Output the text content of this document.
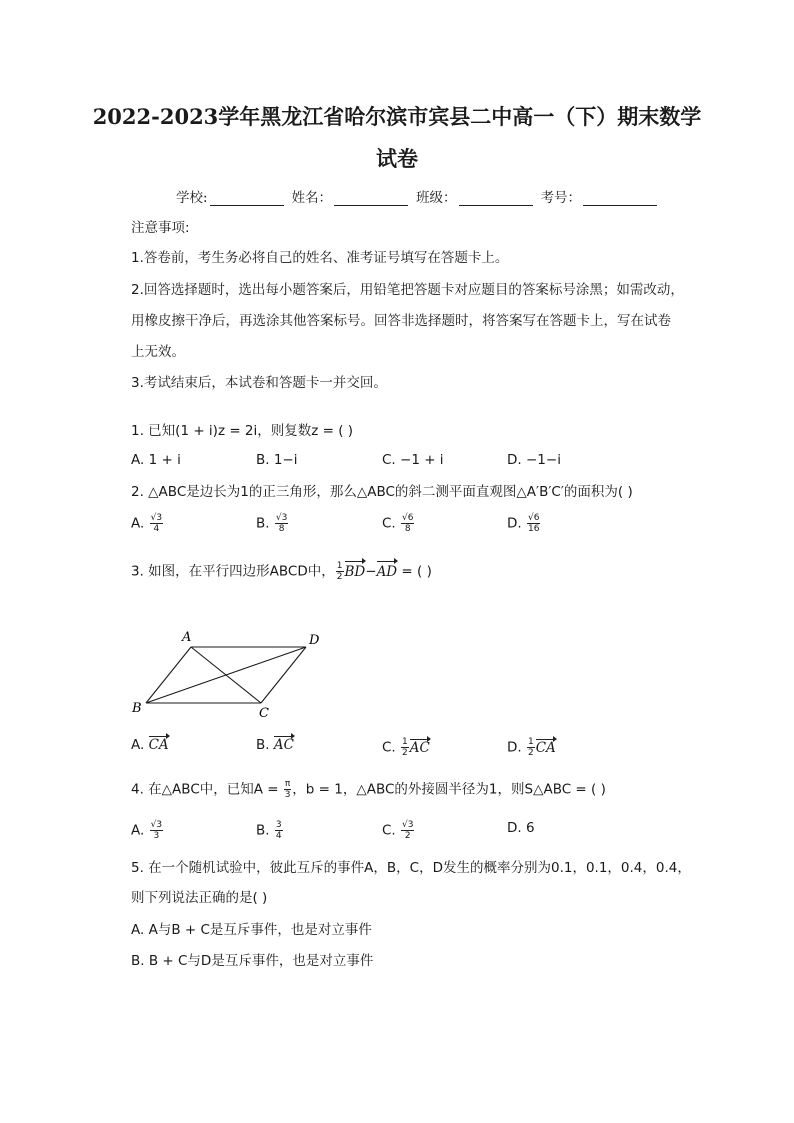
2022-2023学年黑龙江省哈尔滨市宾县二中高一（下）期末数学
试卷
学校:	姓名：	班级：	考号：
注意事项:
1.答卷前，考生务必将自己的姓名、准考证号填写在答题卡上。
2.回答选择题时，选出每小题答案后，用铅笔把答题卡对应题目的答案标号涂黑；如需改动，
用橡皮擦干净后，再选涂其他答案标号。回答非选择题时，将答案写在答题卡上，写在试卷
上无效。
3.考试结束后，本试卷和答题卡一并交回。
1. 已知(1 + i)z = 2i，则复数z = ( )
A. 1 + i	B. 1−i	C. −1 + i	D. −1−i
2. △ABC是边长为1的正三角形，那么△ABC的斜二测平面直观图△A′B′C′的面积为( )
A. $\frac{√3}{4}$	B. $\frac{√3}{8}$	C. $\frac{√6}{8}$	D. $\frac{√6}{16}$
3. 如图，在平行四边形ABCD中， $\frac{1}{2} BD-AD$ = ( )
A	D
B	C
A. CA	B. AC	C. $\frac{1}{2}$ AC	D. $\frac{1}{2}$ CA
4. 在△ABC中，已知$A = \frac{\pi}{3}$ ，b = 1，△ABC的外接圆半径为1，则S△ABC = ( )
A. $\frac{√3}{3}$	B. $\frac{3}{4}$	C. $\frac{√3}{2}$	D. 6
5. 在一个随机试验中，彼此互斥的事件A，B，C，D发生的概率分别为0.1，0.1，0.4，0.4，
则下列说法正确的是( )
A. A与B + C是互斥事件，也是对立事件
B. B + C与D是互斥事件，也是对立事件
